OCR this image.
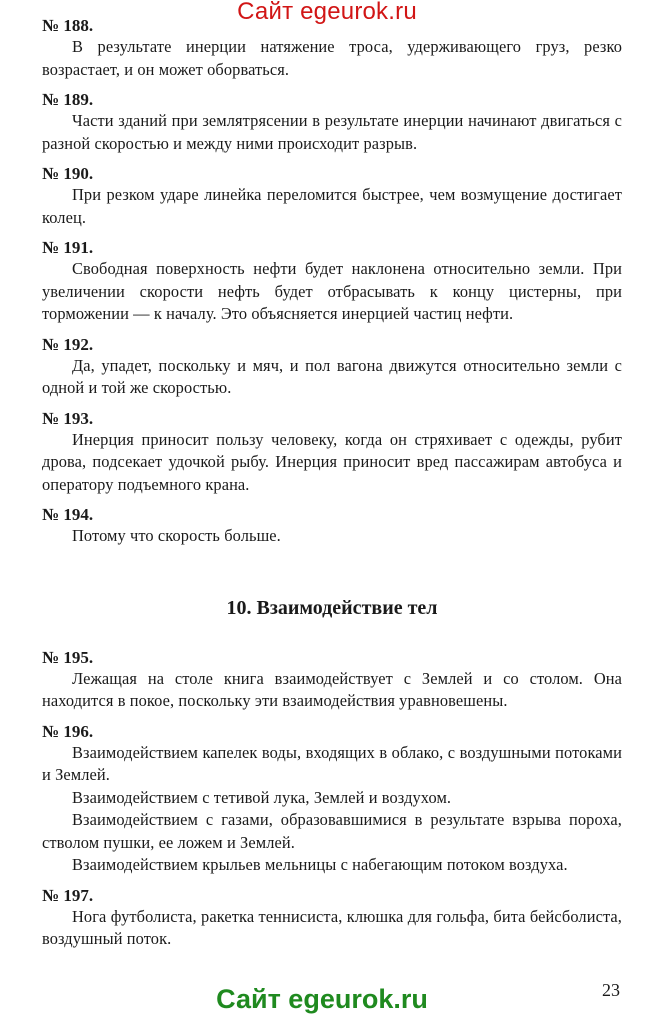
Сайт egeurok.ru

№ 188.

В результате инерции натяжение троса, удерживающего груз, резко возрастает, и он может оборваться.

№ 189.

Части зданий при землятрясении в результате инерции начинают двигаться с разной скоростью и между ними происходит разрыв.

№ 190.

При резком ударе линейка переломится быстрее, чем возмущение достигает колец.

№ 191.

Свободная поверхность нефти будет наклонена относительно земли. При увеличении скорости нефть будет отбрасывать к концу цистерны, при торможении — к началу. Это объясняется инерцией частиц нефти.

№ 192.

Да, упадет, поскольку и мяч, и пол вагона движутся относительно земли с одной и той же скоростью.

№ 193.

Инерция приносит пользу человеку, когда он стряхивает с одежды, рубит дрова, подсекает удочкой рыбу. Инерция приносит вред пассажирам автобуса и оператору подъемного крана.

№ 194.

Потому что скорость больше.

10. Взаимодействие тел

№ 195.

Лежащая на столе книга взаимодействует с Землей и со столом. Она находится в покое, поскольку эти взаимодействия уравновешены.

№ 196.

Взаимодействием капелек воды, входящих в облако, с воздушными потоками и Землей.

Взаимодействием с тетивой лука, Землей и воздухом.

Взаимодействием с газами, образовавшимися в результате взрыва пороха, стволом пушки, ее ложем и Землей.

Взаимодействием крыльев мельницы с набегающим потоком воздуха.

№ 197.

Нога футболиста, ракетка теннисиста, клюшка для гольфа, бита бейсболиста, воздушный поток.

23
Сайт egeurok.ru
